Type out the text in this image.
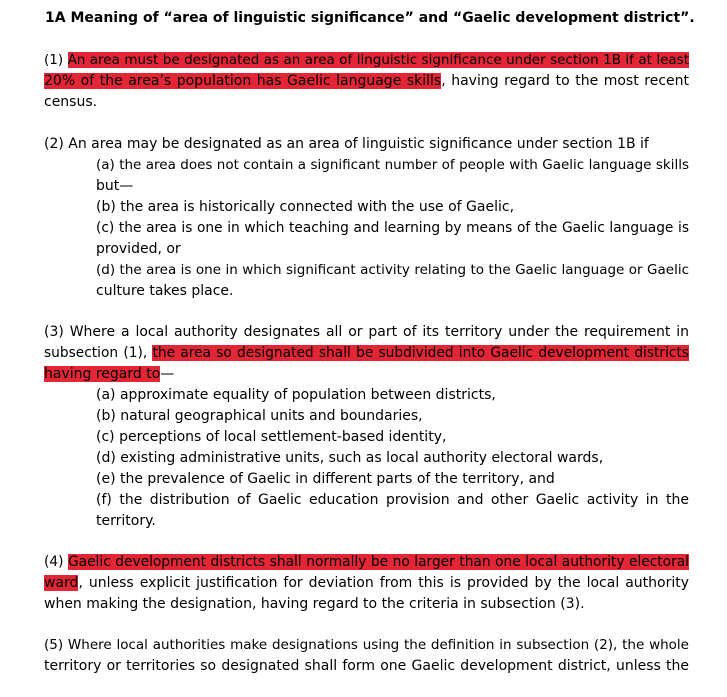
1A Meaning of “area of linguistic significance” and “Gaelic development district”.
(1) An area must be designated as an area of linguistic significance under section 1B if at least
20% of the area’s population has Gaelic language skills, having regard to the most recent
census.
(2) An area may be designated as an area of linguistic significance under section 1B if
(a) the area does not contain a significant number of people with Gaelic language skills
but—
(b) the area is historically connected with the use of Gaelic,
(c) the area is one in which teaching and learning by means of the Gaelic language is
provided, or
(d) the area is one in which significant activity relating to the Gaelic language or Gaelic
culture takes place.
(3) Where a local authority designates all or part of its territory under the requirement in
subsection (1), the area so designated shall be subdivided into Gaelic development districts
having regard to—
(a) approximate equality of population between districts,
(b) natural geographical units and boundaries,
(c) perceptions of local settlement-based identity,
(d) existing administrative units, such as local authority electoral wards,
(e) the prevalence of Gaelic in different parts of the territory, and
(f) the distribution of Gaelic education provision and other Gaelic activity in the
territory.
(4) Gaelic development districts shall normally be no larger than one local authority electoral
ward, unless explicit justification for deviation from this is provided by the local authority
when making the designation, having regard to the criteria in subsection (3).
(5) Where local authorities make designations using the definition in subsection (2), the whole
territory or territories so designated shall form one Gaelic development district, unless the
